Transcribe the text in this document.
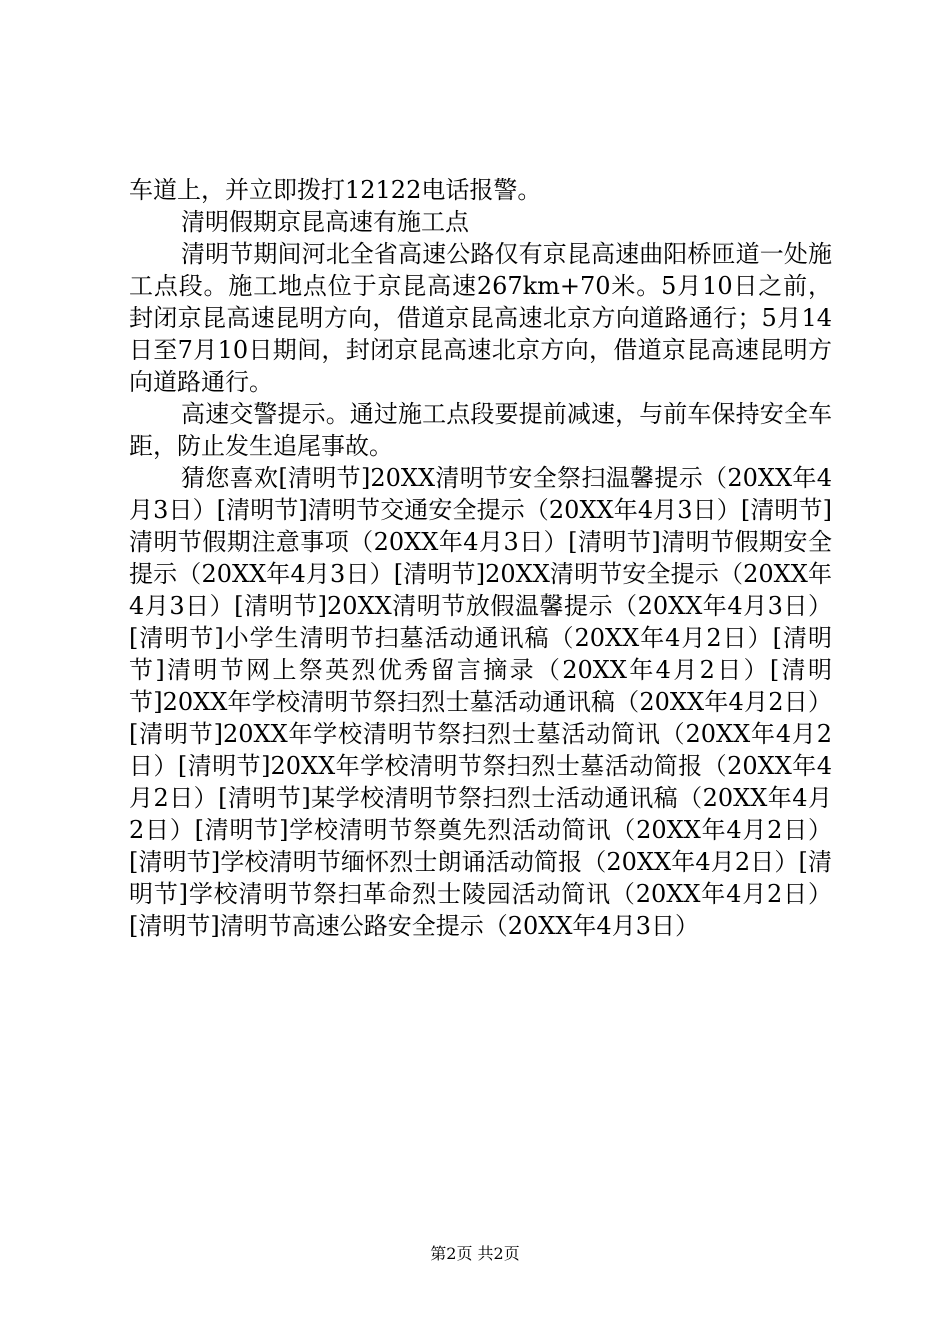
车道上，并立即拨打12122电话报警。

清明假期京昆高速有施工点

清明节期间河北全省高速公路仅有京昆高速曲阳桥匝道一处施工点段。施工地点位于京昆高速267km+70米。5月10日之前，封闭京昆高速昆明方向，借道京昆高速北京方向道路通行；5月14日至7月10日期间，封闭京昆高速北京方向，借道京昆高速昆明方向道路通行。

高速交警提示。通过施工点段要提前减速，与前车保持安全车距，防止发生追尾事故。

猜您喜欢[清明节]20XX清明节安全祭扫温馨提示（20XX年4月3日）[清明节]清明节交通安全提示（20XX年4月3日）[清明节]清明节假期注意事项（20XX年4月3日）[清明节]清明节假期安全提示（20XX年4月3日）[清明节]20XX清明节安全提示（20XX年4月3日）[清明节]20XX清明节放假温馨提示（20XX年4月3日）[清明节]小学生清明节扫墓活动通讯稿（20XX年4月2日）[清明节]清明节网上祭英烈优秀留言摘录（20XX年4月2日）[清明节]20XX年学校清明节祭扫烈士墓活动通讯稿（20XX年4月2日）[清明节]20XX年学校清明节祭扫烈士墓活动简讯（20XX年4月2日）[清明节]20XX年学校清明节祭扫烈士墓活动简报（20XX年4月2日）[清明节]某学校清明节祭扫烈士活动通讯稿（20XX年4月2日）[清明节]学校清明节祭奠先烈活动简讯（20XX年4月2日）[清明节]学校清明节缅怀烈士朗诵活动简报（20XX年4月2日）[清明节]学校清明节祭扫革命烈士陵园活动简讯（20XX年4月2日）[清明节]清明节高速公路安全提示（20XX年4月3日）

第2页 共2页
